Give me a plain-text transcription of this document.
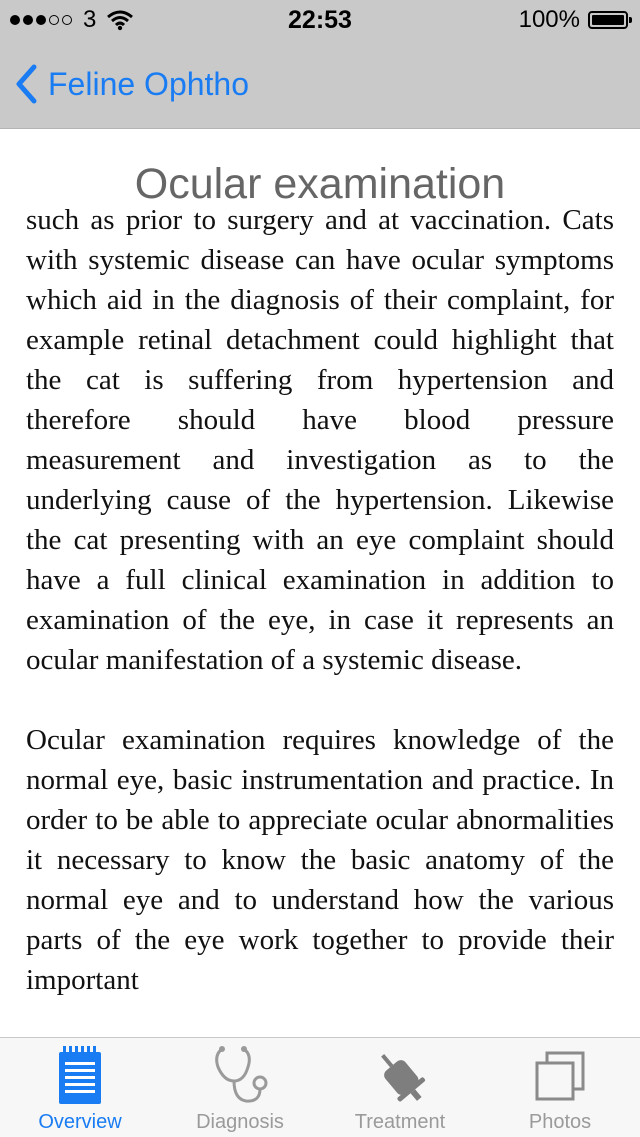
3	22:53	100%
Feline Ophtho
Ocular examination

such as prior to surgery and at vaccination. Cats with systemic disease can have ocular symptoms which aid in the diagnosis of their complaint, for example retinal detachment could highlight that the cat is suffering from hypertension and therefore should have blood pressure measurement and investigation as to the underlying cause of the hypertension. Likewise the cat presenting with an eye complaint should have a full clinical examination in addition to examination of the eye, in case it represents an ocular manifestation of a systemic disease.

Ocular examination requires knowledge of the normal eye, basic instrumentation and practice. In order to be able to appreciate ocular abnormalities it necessary to know the basic anatomy of the normal eye and to understand how the various parts of the eye work together to provide their important

Overview	Diagnosis	Treatment	Photos
